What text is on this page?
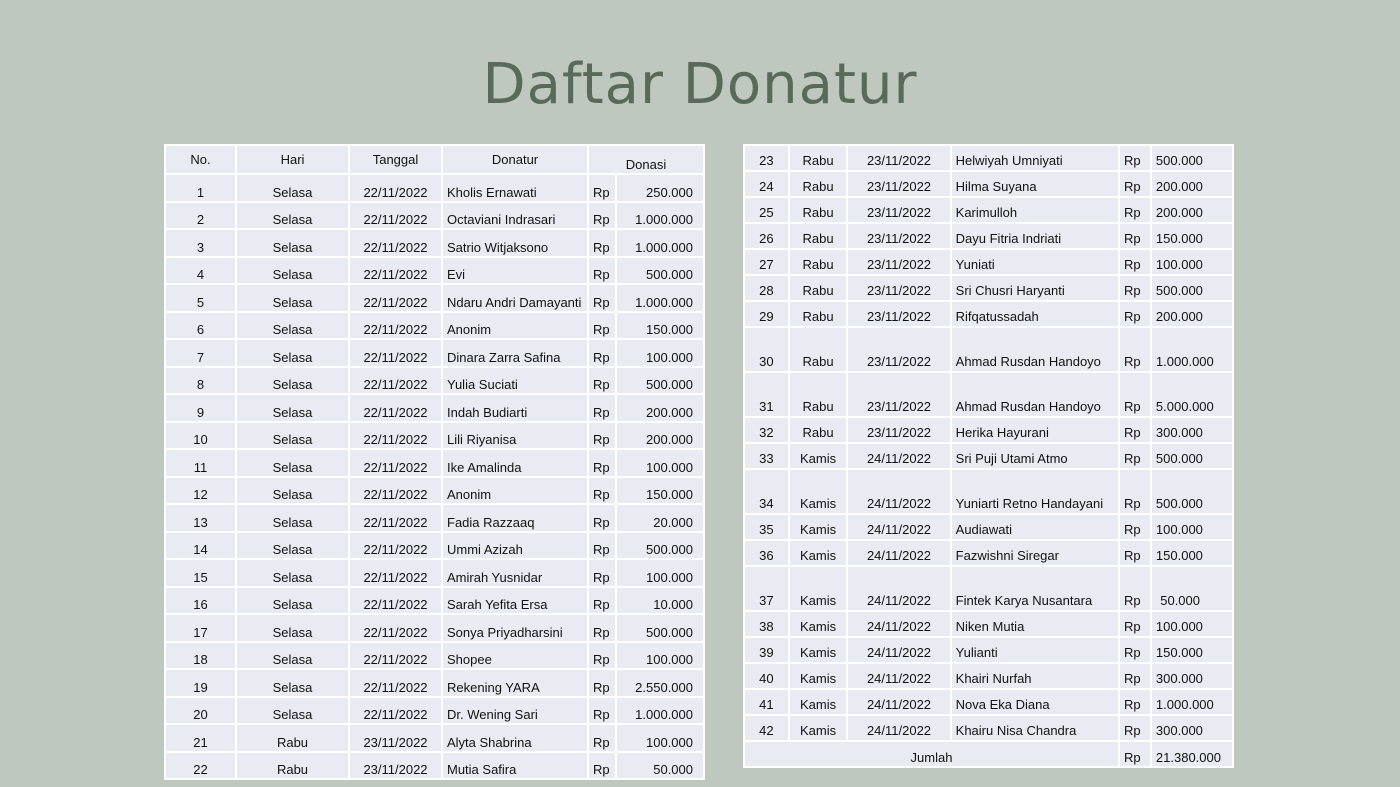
Daftar Donatur
No.	Hari	Tanggal	Donatur	Donasi	
1	Selasa	22/11/2022	Kholis Ernawati	Rp	250.000
2	Selasa	22/11/2022	Octaviani Indrasari	Rp	1.000.000
3	Selasa	22/11/2022	Satrio Witjaksono	Rp	1.000.000
4	Selasa	22/11/2022	Evi	Rp	500.000
5	Selasa	22/11/2022	Ndaru Andri Damayanti	Rp	1.000.000
6	Selasa	22/11/2022	Anonim	Rp	150.000
7	Selasa	22/11/2022	Dinara Zarra Safina	Rp	100.000
8	Selasa	22/11/2022	Yulia Suciati	Rp	500.000
9	Selasa	22/11/2022	Indah Budiarti	Rp	200.000
10	Selasa	22/11/2022	Lili Riyanisa	Rp	200.000
11	Selasa	22/11/2022	Ike Amalinda	Rp	100.000
12	Selasa	22/11/2022	Anonim	Rp	150.000
13	Selasa	22/11/2022	Fadia Razzaaq	Rp	20.000
14	Selasa	22/11/2022	Ummi Azizah	Rp	500.000
15	Selasa	22/11/2022	Amirah Yusnidar	Rp	100.000
16	Selasa	22/11/2022	Sarah Yefita Ersa	Rp	10.000
17	Selasa	22/11/2022	Sonya Priyadharsini	Rp	500.000
18	Selasa	22/11/2022	Shopee	Rp	100.000
19	Selasa	22/11/2022	Rekening YARA	Rp	2.550.000
20	Selasa	22/11/2022	Dr. Wening Sari	Rp	1.000.000
21	Rabu	23/11/2022	Alyta Shabrina	Rp	100.000
22	Rabu	23/11/2022	Mutia Safira	Rp	50.000
23	Rabu	23/11/2022	Helwiyah Umniyati	Rp	500.000
24	Rabu	23/11/2022	Hilma Suyana	Rp	200.000
25	Rabu	23/11/2022	Karimulloh	Rp	200.000
26	Rabu	23/11/2022	Dayu Fitria Indriati	Rp	150.000
27	Rabu	23/11/2022	Yuniati	Rp	100.000
28	Rabu	23/11/2022	Sri Chusri Haryanti	Rp	500.000
29	Rabu	23/11/2022	Rifqatussadah	Rp	200.000
30	Rabu	23/11/2022	Ahmad Rusdan Handoyo	Rp	1.000.000
31	Rabu	23/11/2022	Ahmad Rusdan Handoyo	Rp	5.000.000
32	Rabu	23/11/2022	Herika Hayurani	Rp	300.000
33	Kamis	24/11/2022	Sri Puji Utami Atmo	Rp	500.000
34	Kamis	24/11/2022	Yuniarti Retno Handayani	Rp	500.000
35	Kamis	24/11/2022	Audiawati	Rp	100.000
36	Kamis	24/11/2022	Fazwishni Siregar	Rp	150.000
37	Kamis	24/11/2022	Fintek Karya Nusantara	Rp	50.000
38	Kamis	24/11/2022	Niken Mutia	Rp	100.000
39	Kamis	24/11/2022	Yulianti	Rp	150.000
40	Kamis	24/11/2022	Khairi Nurfah	Rp	300.000
41	Kamis	24/11/2022	Nova Eka Diana	Rp	1.000.000
42	Kamis	24/11/2022	Khairu Nisa Chandra	Rp	300.000
Jumlah				Rp	21.380.000
